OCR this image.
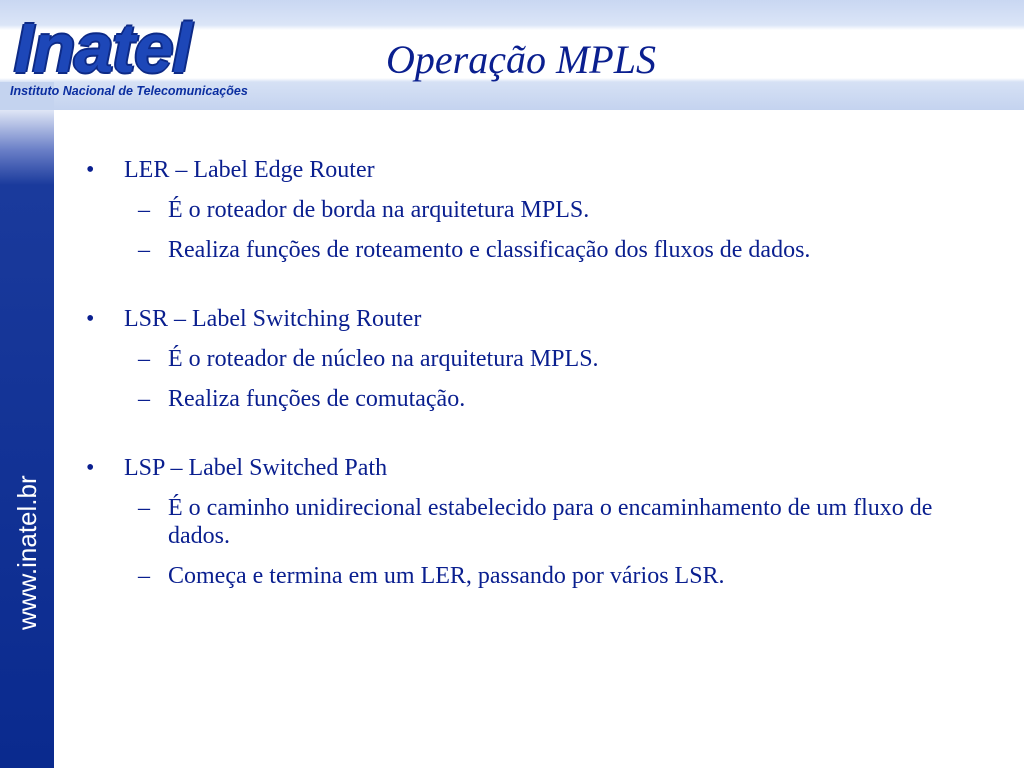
www.inatel.br
Inatel
Instituto Nacional de Telecomunicações
Operação MPLS

• LER – Label Edge Router

– É o roteador de borda na arquitetura MPLS.

– Realiza funções de roteamento e classificação dos fluxos de dados.

• LSR – Label Switching Router

– É o roteador de núcleo na arquitetura MPLS.

– Realiza funções de comutação.

• LSP – Label Switched Path

– É o caminho unidirecional estabelecido para o encaminhamento de um fluxo de dados.

– Começa e termina em um LER, passando por vários LSR.
